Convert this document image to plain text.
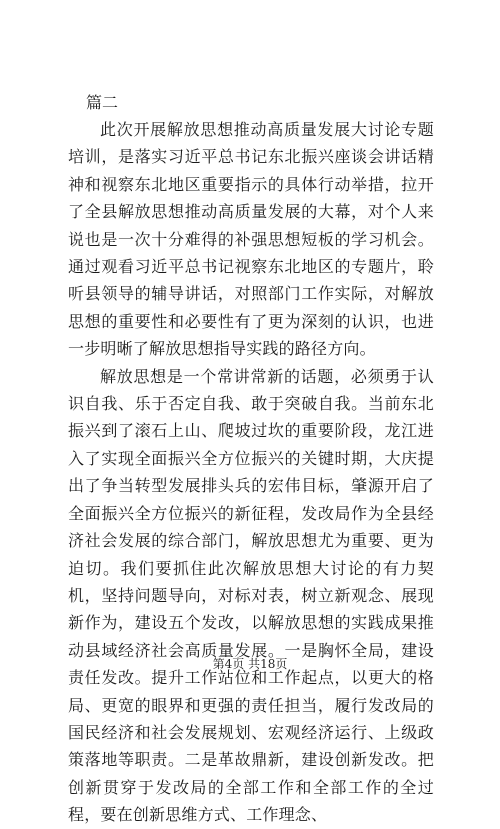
篇二

此次开展解放思想推动高质量发展大讨论专题培训，是落实习近平总书记东北振兴座谈会讲话精神和视察东北地区重要指示的具体行动举措，拉开了全县解放思想推动高质量发展的大幕，对个人来说也是一次十分难得的补强思想短板的学习机会。通过观看习近平总书记视察东北地区的专题片，聆听县领导的辅导讲话，对照部门工作实际，对解放思想的重要性和必要性有了更为深刻的认识，也进一步明晰了解放思想指导实践的路径方向。

解放思想是一个常讲常新的话题，必须勇于认识自我、乐于否定自我、敢于突破自我。当前东北振兴到了滚石上山、爬坡过坎的重要阶段，龙江进入了实现全面振兴全方位振兴的关键时期，大庆提出了争当转型发展排头兵的宏伟目标，肇源开启了全面振兴全方位振兴的新征程，发改局作为全县经济社会发展的综合部门，解放思想尤为重要、更为迫切。我们要抓住此次解放思想大讨论的有力契机，坚持问题导向，对标对表，树立新观念、展现新作为，建设五个发改，以解放思想的实践成果推动县域经济社会高质量发展。一是胸怀全局，建设责任发改。提升工作站位和工作起点，以更大的格局、更宽的眼界和更强的责任担当，履行发改局的国民经济和社会发展规划、宏观经济运行、上级政策落地等职责。二是革故鼎新，建设创新发改。把创新贯穿于发改局的全部工作和全部工作的全过程，要在创新思维方式、工作理念、

第4页 共18页
